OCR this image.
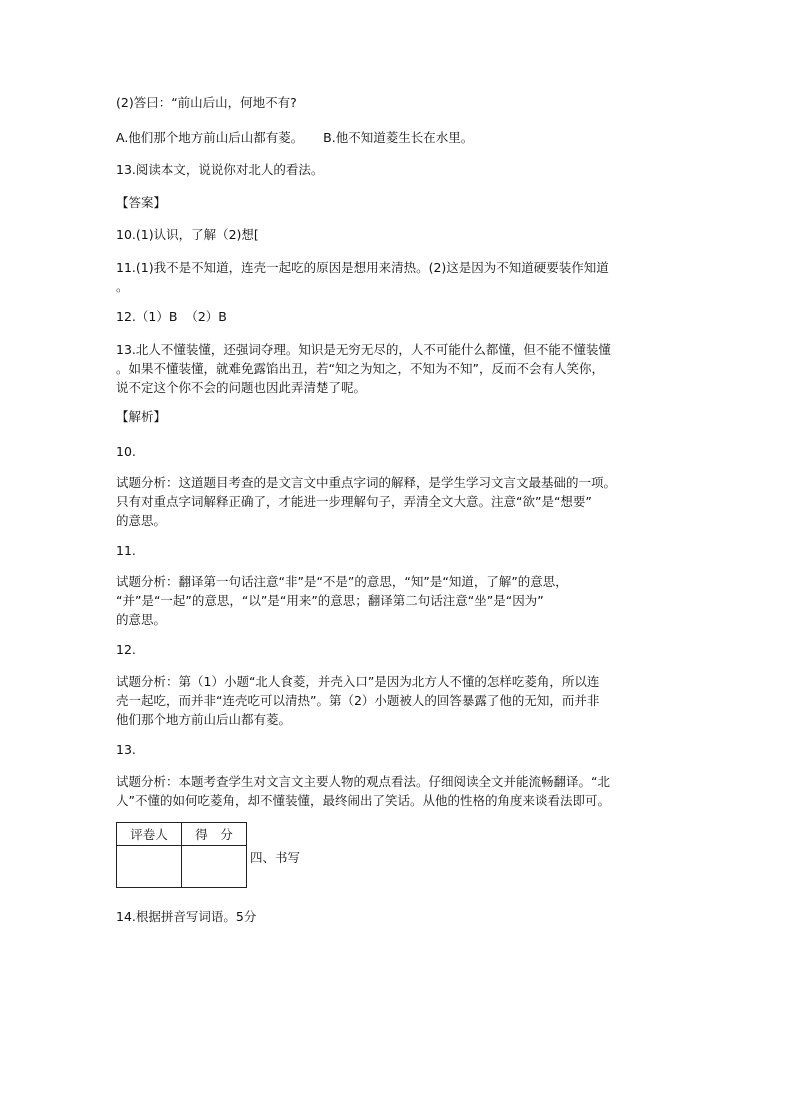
(2)答曰：“前山后山，何地不有?
A.他们那个地方前山后山都有菱。     B.他不知道菱生长在水里。
13.阅读本文，说说你对北人的看法。
【答案】
10.(1)认识，了解（2)想[

11.(1)我不是不知道，连壳一起吃的原因是想用来清热。(2)这是因为不知道硬要装作知道

。

12.（1）B  （2）B

13.北人不懂装懂，还强词夺理。知识是无穷无尽的，人不可能什么都懂，但不能不懂装懂

。如果不懂装懂，就难免露馅出丑，若“知之为知之，不知为不知”，反而不会有人笑你，

说不定这个你不会的问题也因此弄清楚了呢。

【解析】
10.

试题分析：这道题目考查的是文言文中重点字词的解释，是学生学习文言文最基础的一项。

只有对重点字词解释正确了，才能进一步理解句子，弄清全文大意。注意“欲”是“想要”

的意思。

11.

试题分析：翻译第一句话注意“非”是“不是”的意思，“知”是“知道，了解”的意思，

“并”是“一起”的意思，“以”是“用来”的意思；翻译第二句话注意“坐”是“因为”

的意思。

12.

试题分析：第（1）小题“北人食菱，并壳入口”是因为北方人不懂的怎样吃菱角，所以连

壳一起吃，而并非“连壳吃可以清热”。第（2）小题被人的回答暴露了他的无知，而并非

他们那个地方前山后山都有菱。

13.

试题分析：本题考查学生对文言文主要人物的观点看法。仔细阅读全文并能流畅翻译。“北

人”不懂的如何吃菱角，却不懂装懂，最终闹出了笑话。从他的性格的角度来谈看法即可。

评卷人	得　分

四、书写
14.根据拼音写词语。5分
